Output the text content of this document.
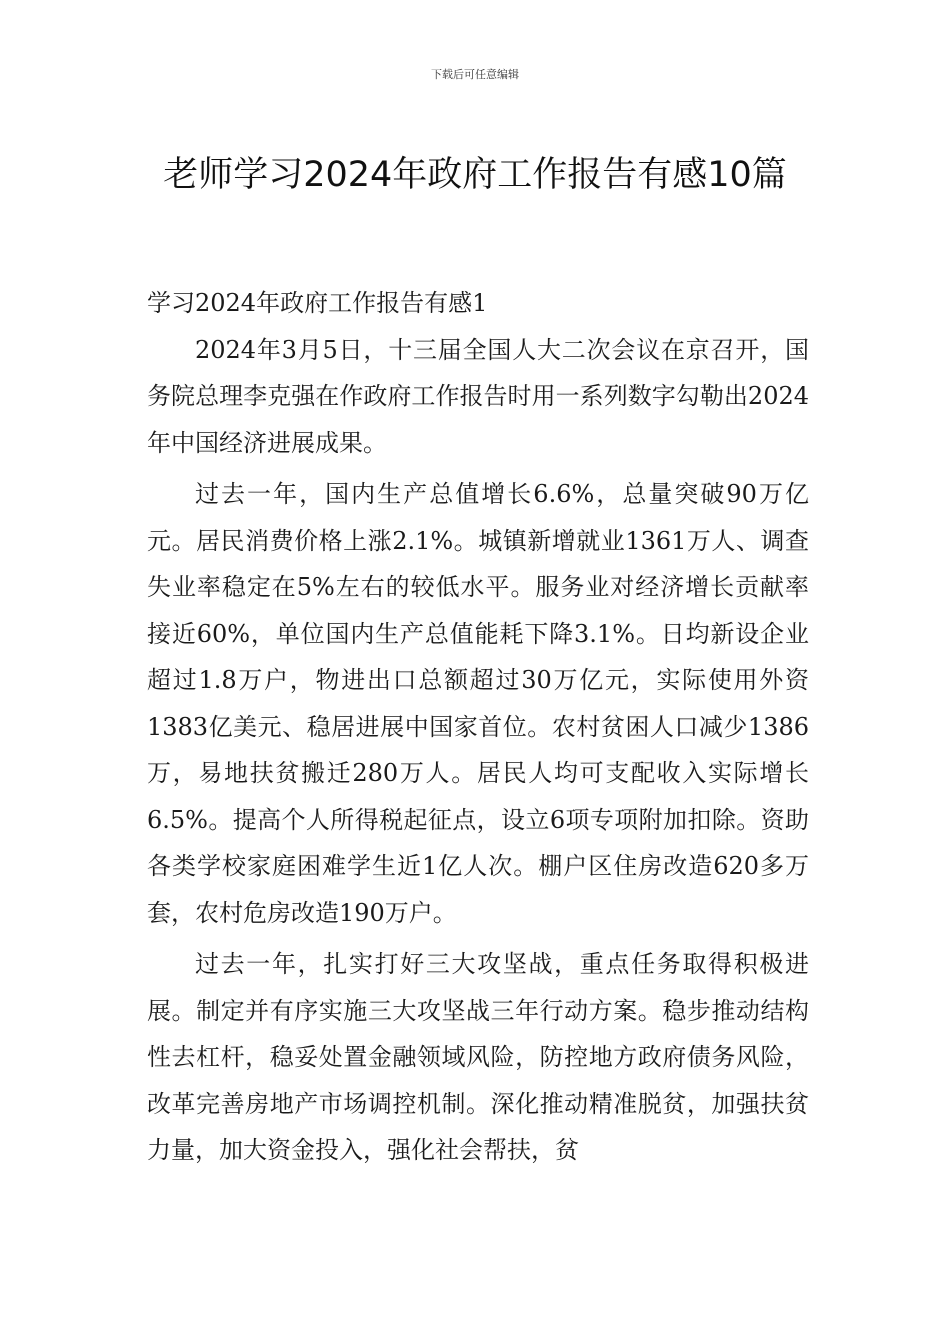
下载后可任意编辑
老师学习2024年政府工作报告有感10篇
学习2024年政府工作报告有感1

2024年3月5日，十三届全国人大二次会议在京召开，国务院总理李克强在作政府工作报告时用一系列数字勾勒出2024年中国经济进展成果。

过去一年，国内生产总值增长6.6%，总量突破90万亿元。居民消费价格上涨2.1%。城镇新增就业1361万人、调查失业率稳定在5%左右的较低水平。服务业对经济增长贡献率接近60%，单位国内生产总值能耗下降3.1%。日均新设企业超过1.8万户，物进出口总额超过30万亿元，实际使用外资1383亿美元、稳居进展中国家首位。农村贫困人口减少1386万，易地扶贫搬迁280万人。居民人均可支配收入实际增长6.5%。提高个人所得税起征点，设立6项专项附加扣除。资助各类学校家庭困难学生近1亿人次。棚户区住房改造620多万套，农村危房改造190万户。

过去一年，扎实打好三大攻坚战，重点任务取得积极进展。制定并有序实施三大攻坚战三年行动方案。稳步推动结构性去杠杆，稳妥处置金融领域风险，防控地方政府债务风险，改革完善房地产市场调控机制。深化推动精准脱贫，加强扶贫力量，加大资金投入，强化社会帮扶，贫
